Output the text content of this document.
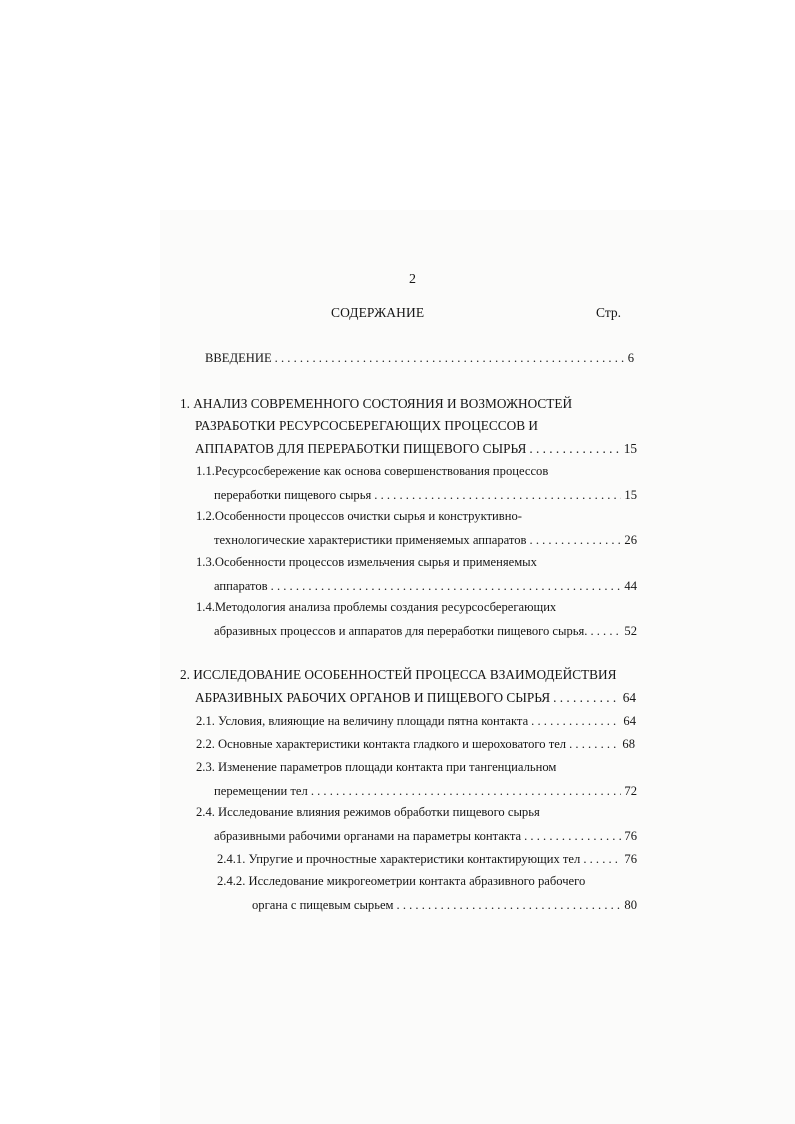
2
СОДЕРЖАНИЕ	Стр.
ВВЕДЕНИЕ . . .	6
1. АНАЛИЗ СОВРЕМЕННОГО СОСТОЯНИЯ И ВОЗМОЖНОСТЕЙ
РАЗРАБОТКИ РЕСУРСОСБЕРЕГАЮЩИХ ПРОЦЕССОВ И
АППАРАТОВ ДЛЯ ПЕРЕРАБОТКИ ПИЩЕВОГО СЫРЬЯ . . .	15
1.1.Ресурсосбережение как основа совершенствования процессов
переработки пищевого сырья . . .	15
1.2.Особенности процессов очистки сырья и конструктивно-
технологические характеристики применяемых аппаратов . . .	26
1.3.Особенности процессов измельчения сырья и применяемых
аппаратов . . .	44
1.4.Методология анализа проблемы создания ресурсосберегающих
абразивных процессов и аппаратов для переработки пищевого сырья. . . .	52
2. ИССЛЕДОВАНИЕ ОСОБЕННОСТЕЙ ПРОЦЕССА ВЗАИМОДЕЙСТВИЯ
АБРАЗИВНЫХ РАБОЧИХ ОРГАНОВ И ПИЩЕВОГО СЫРЬЯ . . .	64
2.1. Условия, влияющие на величину площади пятна контакта . . .	64
2.2. Основные характеристики контакта гладкого и шероховатого тел . . .	68
2.3. Изменение параметров площади контакта при тангенциальном
перемещении тел . . .	72
2.4. Исследование влияния режимов обработки пищевого сырья
абразивными рабочими органами на параметры контакта . . .	76
2.4.1. Упругие и прочностные характеристики контактирующих тел . . .	76
2.4.2. Исследование микрогеометрии контакта абразивного рабочего
органа с пищевым сырьем . . .	80
